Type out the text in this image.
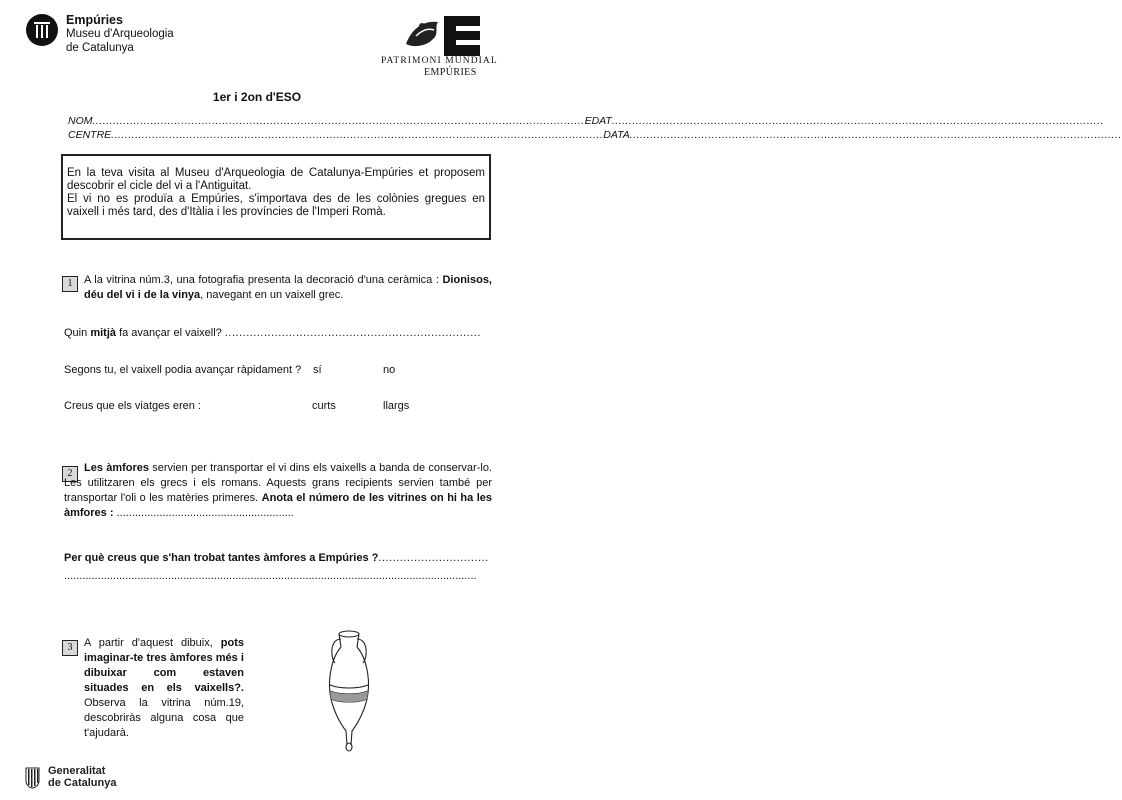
Empúries
Museu d'Arqueologia
de Catalunya
PATRIMONI MUNDIAL
EMPÚRIES
1er i 2on d'ESO
NOM ................................................................................................................................................ EDAT ................................................................................................................................................
CENTRE ................................................................................................................................................ DATA ................................................................................................................................................
En la teva visita al Museu d'Arqueologia de Catalunya-Empúries et proposem descobrir el cicle del vi a l'Antiguitat.
El vi no es produïa a Empúries, s'importava des de les colònies gregues en vaixell i més tard, des d'Itàlia i les províncies de l'Imperi Romà.
1	A la vitrina núm.3, una fotografia presenta la decoració d'una ceràmica : Dionisos, déu del vi i de la vinya, navegant en un vaixell grec.
Quin
mitjà
fa avançar el vaixell?
........................................................................
Segons tu, el vaixell podia avançar ràpidament ? sí	no
Creus que els viatges eren :	curts	llargs
2	Les àmfores servien per transportar el vi dins els vaixells a banda de conservar-lo. Les utilitzaren els grecs i els romans. Aquests grans recipients servien també per transportar l'oli o les matèries primeres. Anota el número de les vitrines on hi ha les àmfores : ..........................................................
Per què creus que s'han trobat tantes àmfores a Empúries ? ...............................
.......................................................................................................................................
3	A partir d'aquest dibuix, pots imaginar-te tres àmfores més i dibuixar com estaven situades en els vaixells?. Observa la vitrina núm.19, descobriràs alguna cosa que t'ajudarà.
Generalitat
de Catalunya
